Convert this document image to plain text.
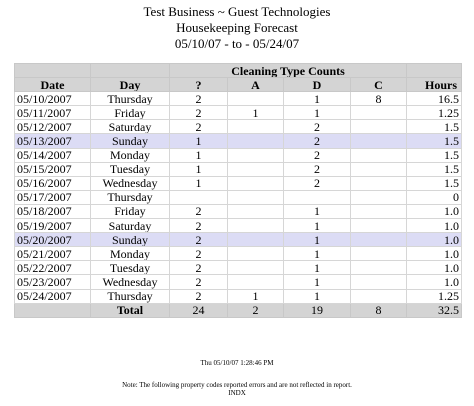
Test Business ~ Guest Technologies
Housekeeping Forecast
05/10/07 - to - 05/24/07
		Cleaning Type Counts				
Date	Day	?	A	D	C	Hours
05/10/2007	Thursday	2		1	8	16.5
05/11/2007	Friday	2	1	1		1.25
05/12/2007	Saturday	2		2		1.5
05/13/2007	Sunday	1		2		1.5
05/14/2007	Monday	1		2		1.5
05/15/2007	Tuesday	1		2		1.5
05/16/2007	Wednesday	1		2		1.5
05/17/2007	Thursday					0
05/18/2007	Friday	2		1		1.0
05/19/2007	Saturday	2		1		1.0
05/20/2007	Sunday	2		1		1.0
05/21/2007	Monday	2		1		1.0
05/22/2007	Tuesday	2		1		1.0
05/23/2007	Wednesday	2		1		1.0
05/24/2007	Thursday	2	1	1		1.25
	Total	24	2	19	8	32.5
Thu 05/10/07 1:28:46 PM
Note: The following property codes reported errors and are not reflected in report.
INDX
